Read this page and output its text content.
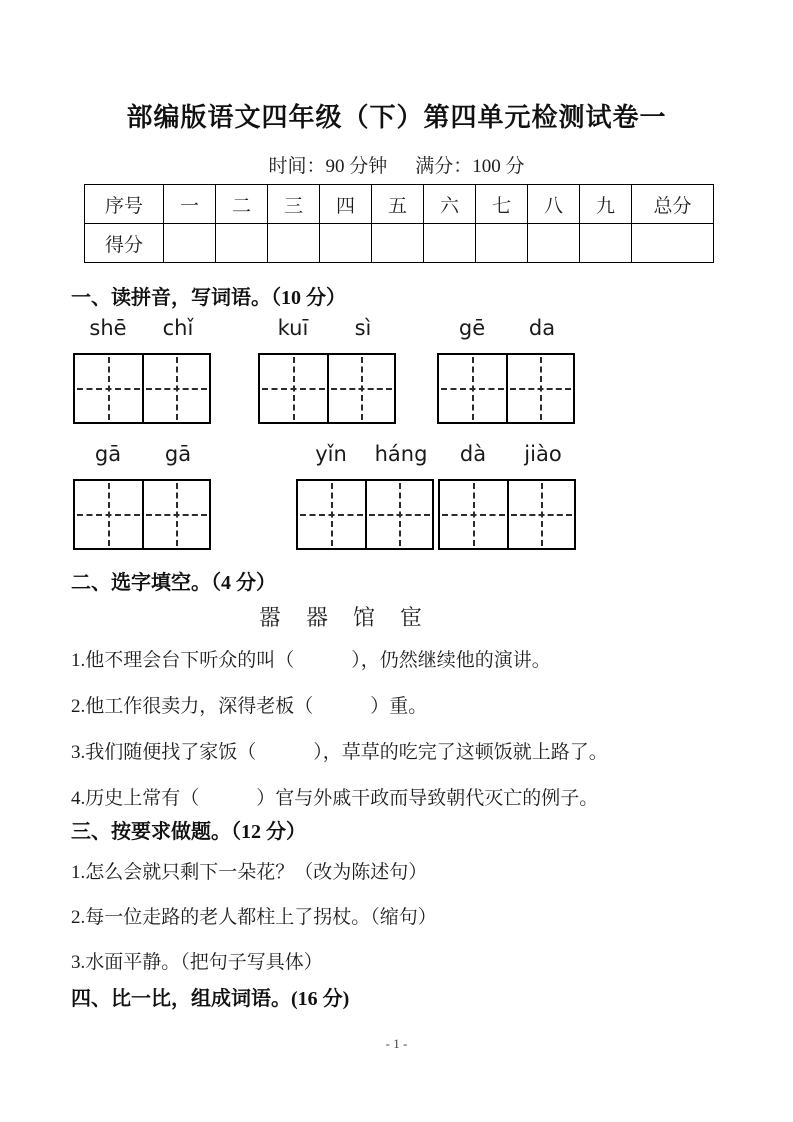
部编版语文四年级（下）第四单元检测试卷一
时间：90 分钟 满分：100 分
序号	一	二	三	四	五	六	七	八	九	总分
得分										
一、读拼音，写词语。（10 分）
shē	chǐ	kuī	sì	gē	da
gā	gā	yǐn	háng	dà	jiào
二、选字填空。（4 分）
嚣 器 馆 宦
1.他不理会台下听众的叫（　　　），仍然继续他的演讲。
2.他工作很卖力，深得老板（　　　）重。
3.我们随便找了家饭（　　　），草草的吃完了这顿饭就上路了。
4.历史上常有（　　　）官与外戚干政而导致朝代灭亡的例子。
三、按要求做题。（12 分）
1.怎么会就只剩下一朵花？（改为陈述句）
2.每一位走路的老人都柱上了拐杖。（缩句）
3.水面平静。（把句子写具体）
四、比一比，组成词语。(16 分)
- 1 -
